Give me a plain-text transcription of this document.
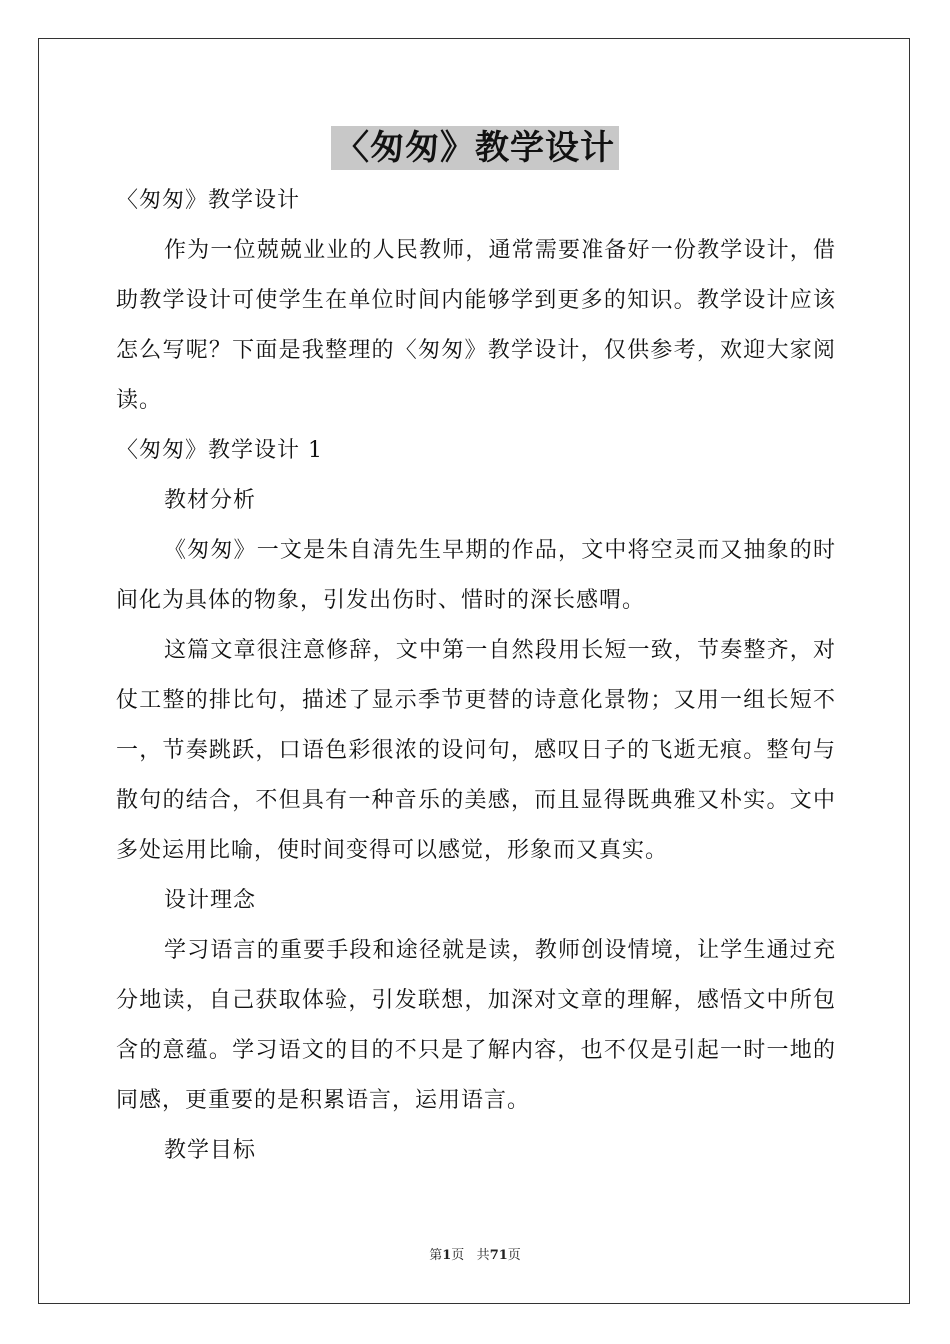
〈匆匆》教学设计

〈匆匆》教学设计

作为一位兢兢业业的人民教师，通常需要准备好一份教学设计，借助教学设计可使学生在单位时间内能够学到更多的知识。教学设计应该怎么写呢？下面是我整理的〈匆匆》教学设计，仅供参考，欢迎大家阅读。

〈匆匆》教学设计 1

教材分析

《匆匆》一文是朱自清先生早期的作品，文中将空灵而又抽象的时间化为具体的物象，引发出伤时、惜时的深长感喟。

这篇文章很注意修辞，文中第一自然段用长短一致，节奏整齐，对仗工整的排比句，描述了显示季节更替的诗意化景物；又用一组长短不一，节奏跳跃，口语色彩很浓的设问句，感叹日子的飞逝无痕。整句与散句的结合，不但具有一种音乐的美感，而且显得既典雅又朴实。文中多处运用比喻，使时间变得可以感觉，形象而又真实。

设计理念

学习语言的重要手段和途径就是读，教师创设情境，让学生通过充分地读，自己获取体验，引发联想，加深对文章的理解，感悟文中所包含的意蕴。学习语文的目的不只是了解内容，也不仅是引起一时一地的同感，更重要的是积累语言，运用语言。

教学目标

第1页 共71页
